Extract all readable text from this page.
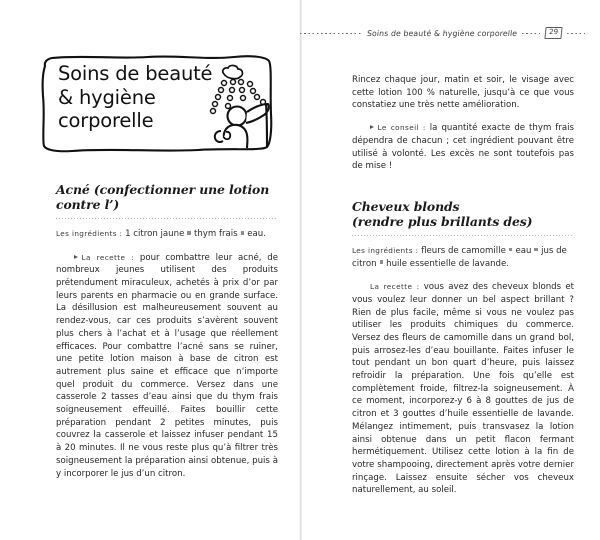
Soins de beauté & hygiène corporelle	29
Soins de beauté
& hygiène
corporelle
Acné (confectionner une lotion
contre l’)
Les ingrédients : 1 citron jaune thym frais eau.

La recette : pour combattre leur acné, de nombreux jeunes utilisent des produits prétendument miraculeux, achetés à prix d’or par leurs parents en pharmacie ou en grande surface. La désillusion est malheureusement souvent au rendez-vous, car ces produits s’avèrent souvent plus chers à l’achat et à l’usage que réellement efficaces. Pour combattre l’acné sans se ruiner, une petite lotion maison à base de citron est autrement plus saine et efficace que n’importe quel produit du commerce. Versez dans une casserole 2 tasses d’eau ainsi que du thym frais soigneusement effeuillé. Faites bouillir cette préparation pendant 2 petites minutes, puis couvrez la casserole et laissez infuser pendant 15 à 20 minutes. Il ne vous reste plus qu’à filtrer très soigneusement la préparation ainsi obtenue, puis à y incorporer le jus d’un citron.

Rincez chaque jour, matin et soir, le visage avec cette lotion 100 % naturelle, jusqu’à ce que vous constatiez une très nette amélioration.

Le conseil : la quantité exacte de thym frais dépendra de chacun ; cet ingrédient pouvant être utilisé à volonté. Les excès ne sont toutefois pas de mise !

Cheveux blonds
(rendre plus brillants des)
Les ingrédients : fleurs de camomille eau jus de citron huile essentielle de lavande.

La recette : vous avez des cheveux blonds et vous voulez leur donner un bel aspect brillant ? Rien de plus facile, même si vous ne voulez pas utiliser les produits chimiques du commerce. Versez des fleurs de camomille dans un grand bol, puis arrosez-les d’eau bouillante. Faites infuser le tout pendant un bon quart d’heure, puis laissez refroidir la préparation. Une fois qu’elle est complètement froide, filtrez-la soigneusement. À ce moment, incorporez-y 6 à 8 gouttes de jus de citron et 3 gouttes d’huile essentielle de lavande. Mélangez intimement, puis transvasez la lotion ainsi obtenue dans un petit flacon fermant hermétiquement. Utilisez cette lotion à la fin de votre shampooing, directement après votre dernier rinçage. Laissez ensuite sécher vos cheveux naturellement, au soleil.
